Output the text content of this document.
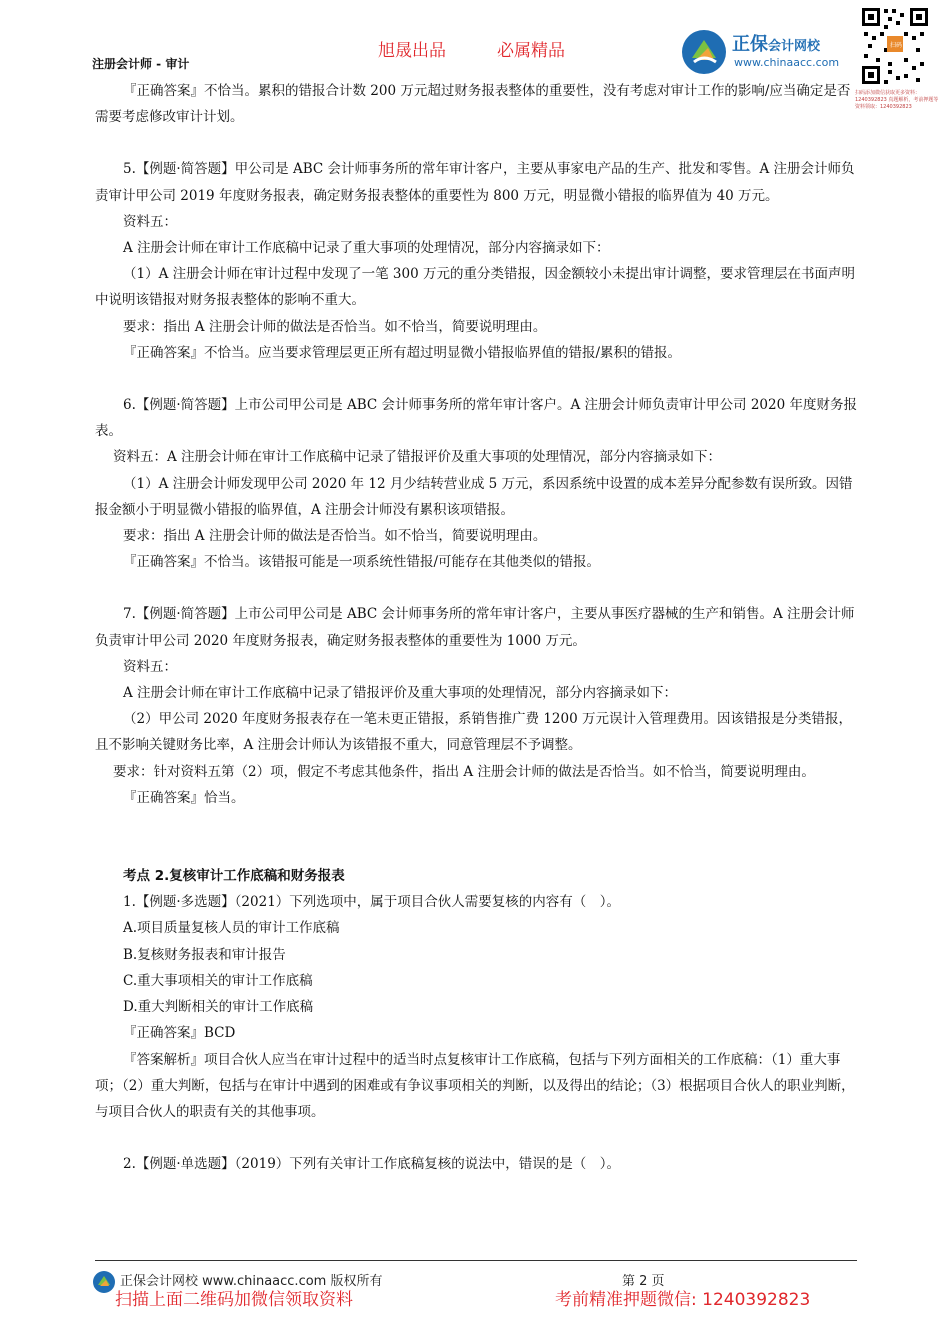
旭晟出品	必属精品
注册会计师 - 审计
正保会计网校
www.chinaacc.com
扫码
扫码添加微信获取更多资料：1240392823 真题解析，考前押题等资料领取：1240392823

『正确答案』不恰当。累积的错报合计数 200 万元超过财务报表整体的重要性，没有考虑对审计工作的影响/应当确定是否需要考虑修改审计计划。

5.【例题·简答题】甲公司是 ABC 会计师事务所的常年审计客户，主要从事家电产品的生产、批发和零售。A 注册会计师负责审计甲公司 2019 年度财务报表，确定财务报表整体的重要性为 800 万元，明显微小错报的临界值为 40 万元。

资料五：

A 注册会计师在审计工作底稿中记录了重大事项的处理情况，部分内容摘录如下：

（1）A 注册会计师在审计过程中发现了一笔 300 万元的重分类错报，因金额较小未提出审计调整，要求管理层在书面声明中说明该错报对财务报表整体的影响不重大。

要求：指出 A 注册会计师的做法是否恰当。如不恰当，简要说明理由。

『正确答案』不恰当。应当要求管理层更正所有超过明显微小错报临界值的错报/累积的错报。

6.【例题·简答题】上市公司甲公司是 ABC 会计师事务所的常年审计客户。A 注册会计师负责审计甲公司 2020 年度财务报表。

资料五：A 注册会计师在审计工作底稿中记录了错报评价及重大事项的处理情况，部分内容摘录如下：

（1）A 注册会计师发现甲公司 2020 年 12 月少结转营业成 5 万元，系因系统中设置的成本差异分配参数有误所致。因错报金额小于明显微小错报的临界值，A 注册会计师没有累积该项错报。

要求：指出 A 注册会计师的做法是否恰当。如不恰当，简要说明理由。

『正确答案』不恰当。该错报可能是一项系统性错报/可能存在其他类似的错报。

7.【例题·简答题】上市公司甲公司是 ABC 会计师事务所的常年审计客户，主要从事医疗器械的生产和销售。A 注册会计师负责审计甲公司 2020 年度财务报表，确定财务报表整体的重要性为 1000 万元。

资料五：

A 注册会计师在审计工作底稿中记录了错报评价及重大事项的处理情况，部分内容摘录如下：

（2）甲公司 2020 年度财务报表存在一笔未更正错报，系销售推广费 1200 万元误计入管理费用。因该错报是分类错报，且不影响关键财务比率，A 注册会计师认为该错报不重大，同意管理层不予调整。

要求：针对资料五第（2）项，假定不考虑其他条件，指出 A 注册会计师的做法是否恰当。如不恰当，简要说明理由。

『正确答案』恰当。

考点 2.复核审计工作底稿和财务报表

1.【例题·多选题】（2021）下列选项中，属于项目合伙人需要复核的内容有（　）。

A.项目质量复核人员的审计工作底稿

B.复核财务报表和审计报告

C.重大事项相关的审计工作底稿

D.重大判断相关的审计工作底稿

『正确答案』BCD

『答案解析』项目合伙人应当在审计过程中的适当时点复核审计工作底稿，包括与下列方面相关的工作底稿：（1）重大事项；（2）重大判断，包括与在审计中遇到的困难或有争议事项相关的判断，以及得出的结论；（3）根据项目合伙人的职业判断，与项目合伙人的职责有关的其他事项。

2.【例题·单选题】（2019）下列有关审计工作底稿复核的说法中，错误的是（　）。

正保会计网校 www.chinaacc.com 版权所有	第 2 页
扫描上面二维码加微信领取资料	考前精准押题微信: 1240392823
